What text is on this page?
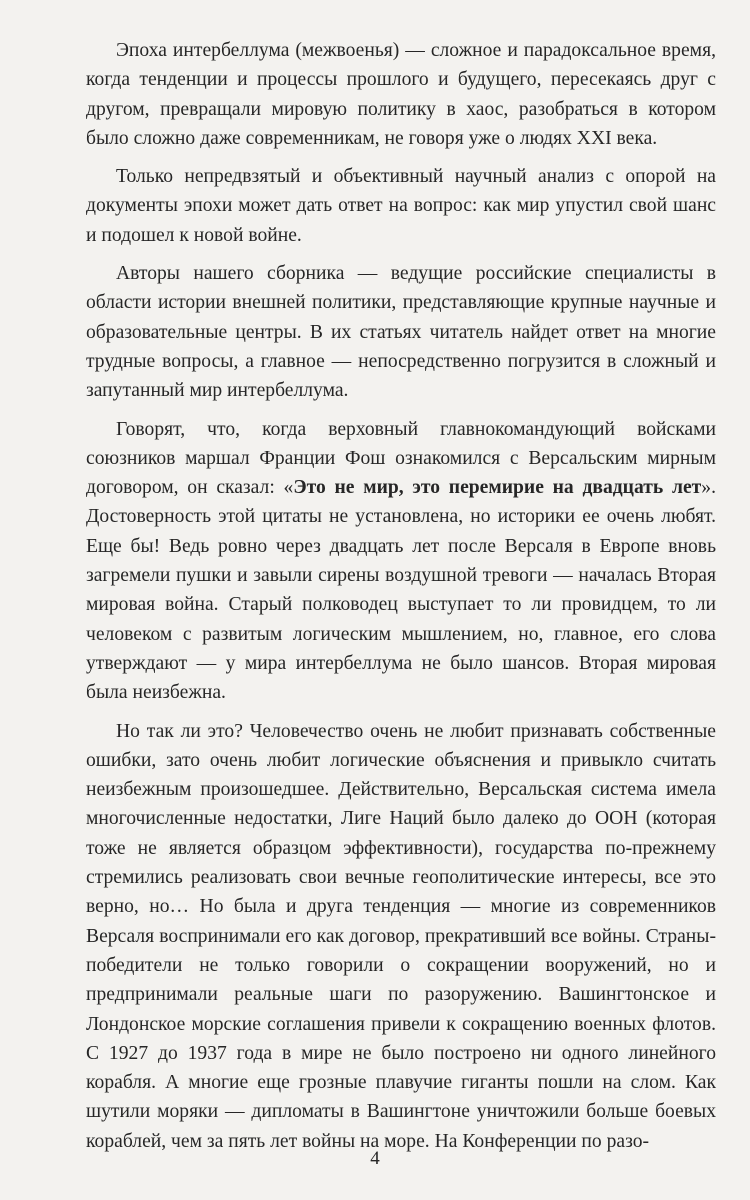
Эпоха интербеллума (межвоенья) — сложное и парадоксальное время, когда тенденции и процессы прошлого и будущего, пересекаясь друг с другом, превращали мировую политику в хаос, разобраться в котором было сложно даже современникам, не говоря уже о людях XXI века.

Только непредвзятый и объективный научный анализ с опорой на документы эпохи может дать ответ на вопрос: как мир упустил свой шанс и подошел к новой войне.

Авторы нашего сборника — ведущие российские специалисты в области истории внешней политики, представляющие крупные научные и образовательные центры. В их статьях читатель найдет ответ на многие трудные вопросы, а главное — непосредственно погрузится в сложный и запутанный мир интербеллума.

Говорят, что, когда верховный главнокомандующий войсками союзников маршал Франции Фош ознакомился с Версальским мирным договором, он сказал: «Это не мир, это перемирие на двадцать лет». Достоверность этой цитаты не установлена, но историки ее очень любят. Еще бы! Ведь ровно через двадцать лет после Версаля в Европе вновь загремели пушки и завыли сирены воздушной тревоги — началась Вторая мировая война. Старый полководец выступает то ли провидцем, то ли человеком с развитым логическим мышлением, но, главное, его слова утверждают — у мира интербеллума не было шансов. Вторая мировая была неизбежна.

Но так ли это? Человечество очень не любит признавать собственные ошибки, зато очень любит логические объяснения и привыкло считать неизбежным произошедшее. Действительно, Версальская система имела многочисленные недостатки, Лиге Наций было далеко до ООН (которая тоже не является образцом эффективности), государства по-прежнему стремились реализовать свои вечные геополитические интересы, все это верно, но… Но была и друга тенденция — многие из современников Версаля воспринимали его как договор, прекративший все войны. Страны-победители не только говорили о сокращении вооружений, но и предпринимали реальные шаги по разоружению. Вашингтонское и Лондонское морские соглашения привели к сокращению военных флотов. С 1927 до 1937 года в мире не было построено ни одного линейного корабля. А многие еще грозные плавучие гиганты пошли на слом. Как шутили моряки — дипломаты в Вашингтоне уничтожили больше боевых кораблей, чем за пять лет войны на море. На Конференции по разо-

4
